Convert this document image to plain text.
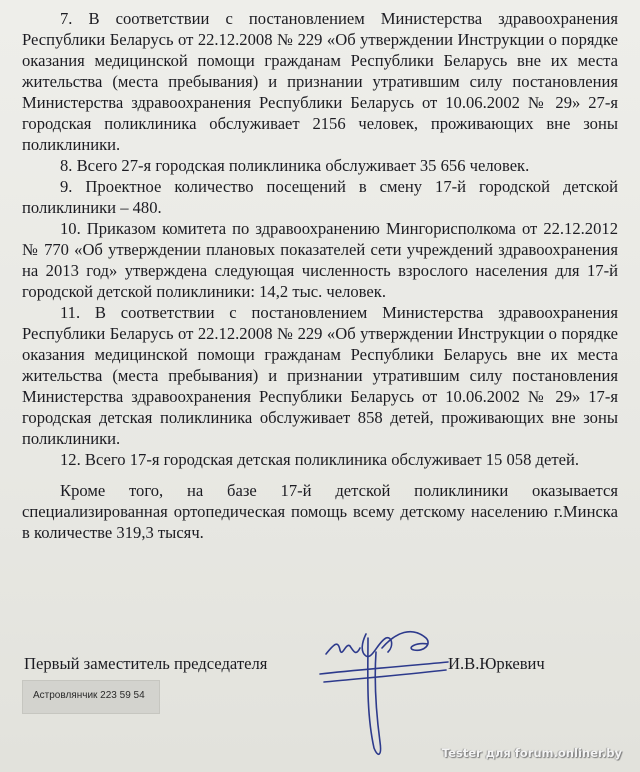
7. В соответствии с постановлением Министерства здравоохранения Республики Беларусь от 22.12.2008 № 229 «Об утверждении Инструкции о порядке оказания медицинской помощи гражданам Республики Беларусь вне их места жительства (места пребывания) и признании утратившим силу постановления Министерства здравоохранения Республики Беларусь от 10.06.2002 № 29» 27-я городская поликлиника обслуживает 2156 человек, проживающих вне зоны поликлиники.

8. Всего 27-я городская поликлиника обслуживает 35 656 человек.

9. Проектное количество посещений в смену 17-й городской детской поликлиники – 480.

10. Приказом комитета по здравоохранению Мингорисполкома от 22.12.2012 № 770 «Об утверждении плановых показателей сети учреждений здравоохранения на 2013 год» утверждена следующая численность взрослого населения для 17-й городской детской поликлиники: 14,2 тыс. человек.

11. В соответствии с постановлением Министерства здравоохранения Республики Беларусь от 22.12.2008 № 229 «Об утверждении Инструкции о порядке оказания медицинской помощи гражданам Республики Беларусь вне их места жительства (места пребывания) и признании утратившим силу постановления Министерства здравоохранения Республики Беларусь от 10.06.2002 № 29» 17-я городская детская поликлиника обслуживает 858 детей, проживающих вне зоны поликлиники.

12. Всего 17-я городская детская поликлиника обслуживает 15 058 детей.

Кроме того, на базе 17-й детской поликлиники оказывается специализированная ортопедическая помощь всему детскому населению г.Минска в количестве 319,3 тысяч.

Первый заместитель председателя	И.В.Юркевич
Астровлянчик 223 59 54
Tester для forum.onliner.by
